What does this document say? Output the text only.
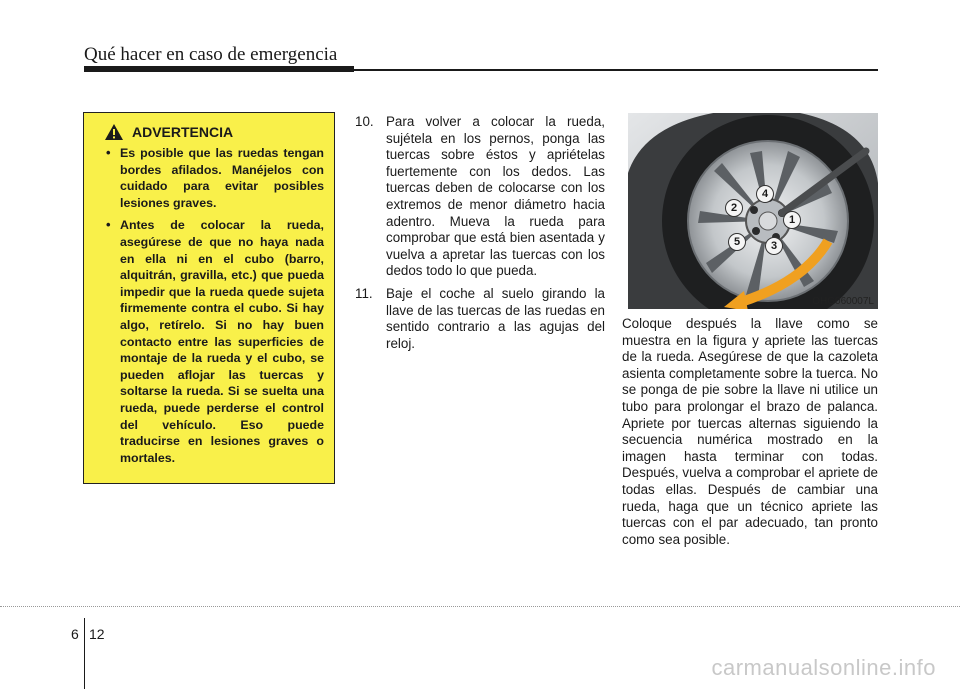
Qué hacer en caso de emergencia
ADVERTENCIA
• Es posible que las ruedas tengan bordes afilados. Manéjelos con cuidado para evitar posibles lesiones graves.
• Antes de colocar la rueda, asegúrese de que no haya nada en ella ni en el cubo (barro, alquitrán, gravilla, etc.) que pueda impedir que la rueda quede sujeta firmemente contra el cubo. Si hay algo, retírelo. Si no hay buen contacto entre las superficies de montaje de la rueda y el cubo, se pueden aflojar las tuercas y soltarse la rueda. Si se suelta una rueda, puede perderse el control del vehículo. Eso puede traducirse en lesiones graves o mortales.
10. Para volver a colocar la rueda, sujétela en los pernos, ponga las tuercas sobre éstos y apriételas fuertemente con los dedos. Las tuercas deben de colocarse con los extremos de menor diámetro hacia adentro. Mueva la rueda para comprobar que está bien asentada y vuelva a apretar las tuercas con los dedos todo lo que pueda.
11. Baje el coche al suelo girando la llave de las tuercas de las ruedas en sentido contrario a las agujas del reloj.
1
2
3
4
5
OHG060007L
Coloque después la llave como se muestra en la figura y apriete las tuercas de la rueda. Asegúrese de que la cazoleta asienta completamente sobre la tuerca. No se ponga de pie sobre la llave ni utilice un tubo para prolongar el brazo de palanca. Apriete por tuercas alternas siguiendo la secuencia numérica mostrado en la imagen hasta terminar con todas. Después, vuelva a comprobar el apriete de todas ellas. Después de cambiar una rueda, haga que un técnico apriete las tuercas con el par adecuado, tan pronto como sea posible.
6 12
carmanualsonline.info
